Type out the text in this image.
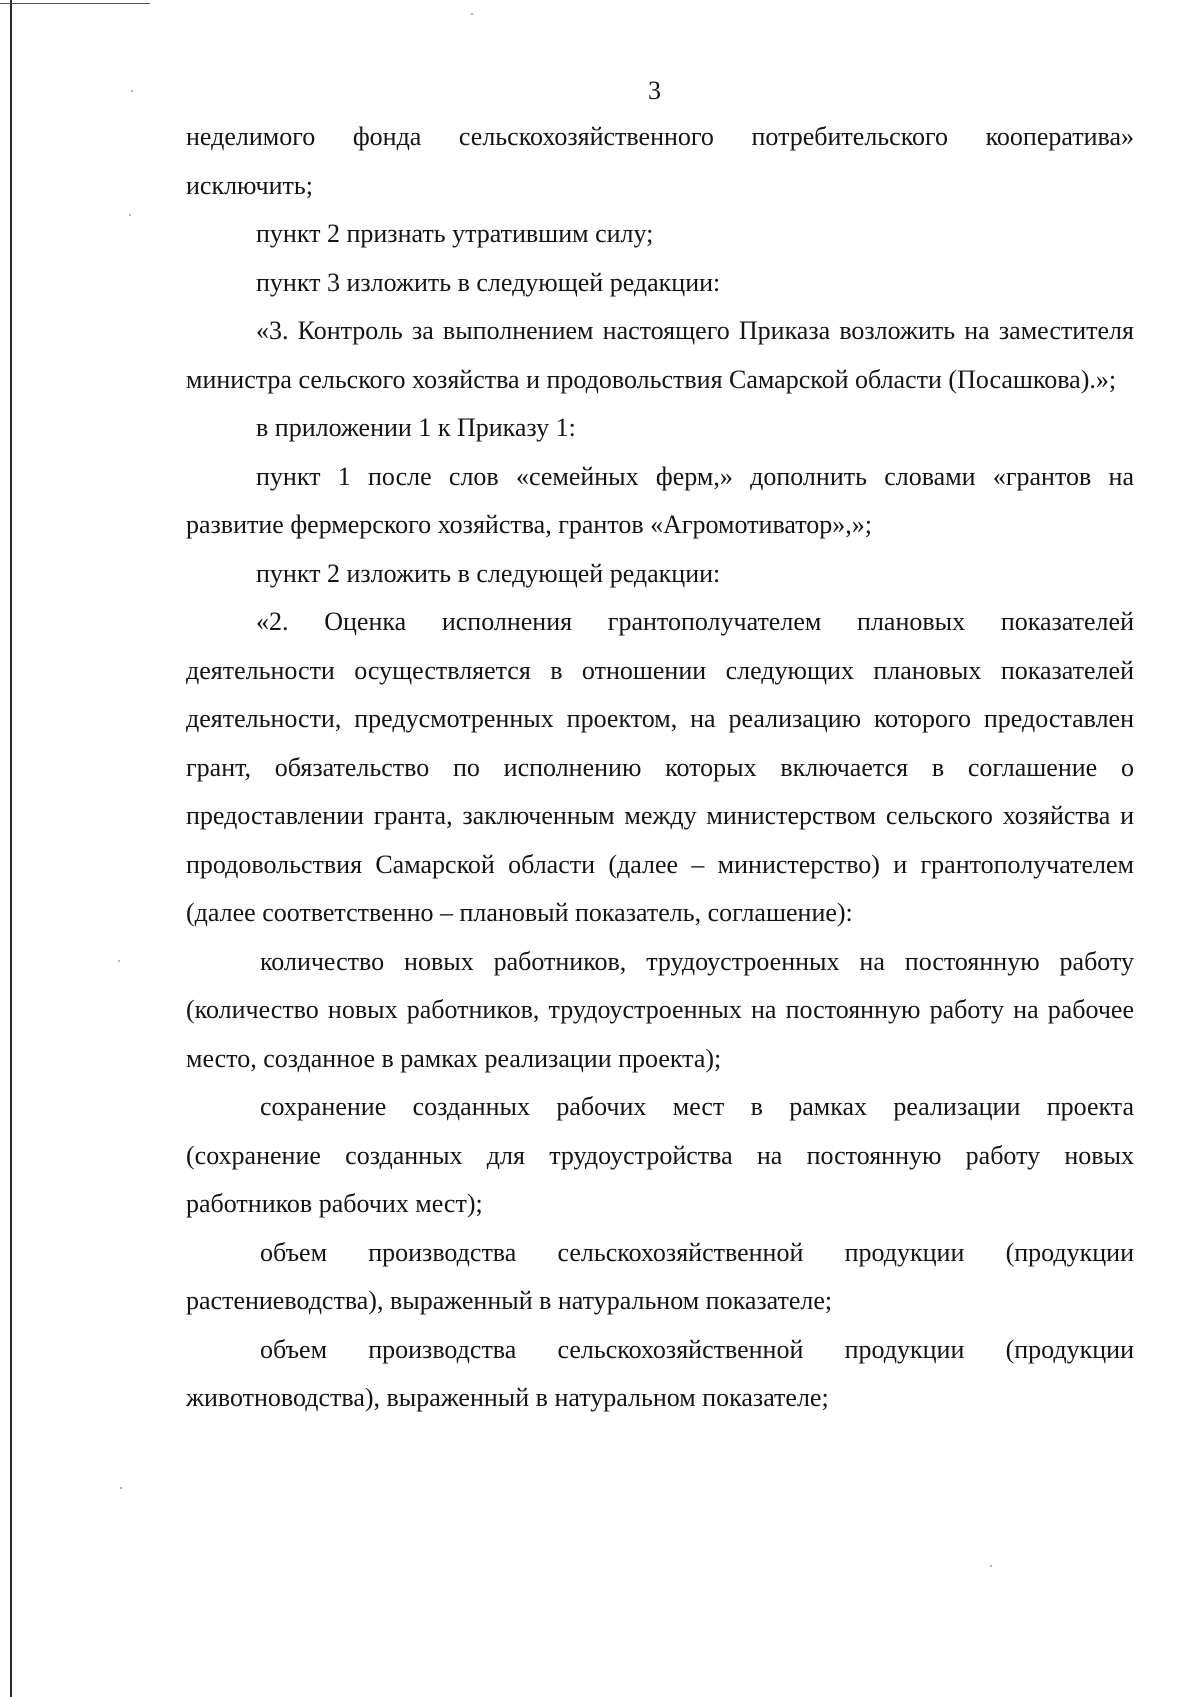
3

неделимого фонда сельскохозяйственного потребительского кооператива» исключить;

пункт 2 признать утратившим силу;

пункт 3 изложить в следующей редакции:

«3. Контроль за выполнением настоящего Приказа возложить на заместителя министра сельского хозяйства и продовольствия Самарской области (Посашкова).»;

в приложении 1 к Приказу 1:

пункт 1 после слов «семейных ферм,» дополнить словами «грантов на развитие фермерского хозяйства, грантов «Агромотиватор»,»;

пункт 2 изложить в следующей редакции:

«2. Оценка исполнения грантополучателем плановых показателей деятельности осуществляется в отношении следующих плановых показателей деятельности, предусмотренных проектом, на реализацию которого предоставлен грант, обязательство по исполнению которых включается в соглашение о предоставлении гранта, заключенным между министерством сельского хозяйства и продовольствия Самарской области (далее – министерство) и грантополучателем (далее соответственно – плановый показатель, соглашение):

количество новых работников, трудоустроенных на постоянную работу (количество новых работников, трудоустроенных на постоянную работу на рабочее место, созданное в рамках реализации проекта);

сохранение созданных рабочих мест в рамках реализации проекта (сохранение созданных для трудоустройства на постоянную работу новых работников рабочих мест);

объем производства сельскохозяйственной продукции (продукции растениеводства), выраженный в натуральном показателе;

объем производства сельскохозяйственной продукции (продукции животноводства), выраженный в натуральном показателе;
